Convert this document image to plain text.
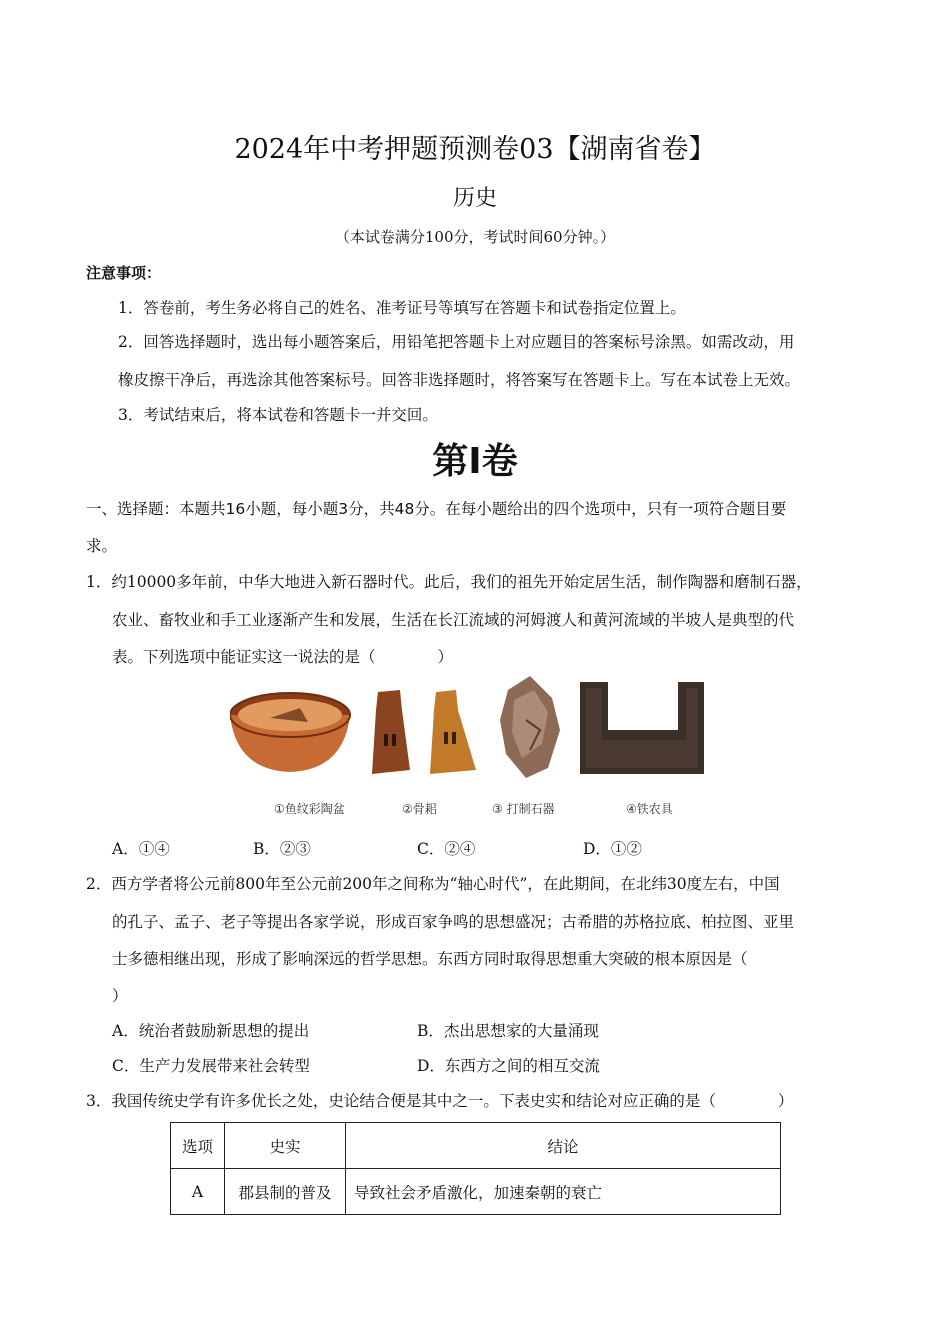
2024年中考押题预测卷03【湖南省卷】
历史
（本试卷满分100分，考试时间60分钟。）
注意事项：
1．答卷前，考生务必将自己的姓名、准考证号等填写在答题卡和试卷指定位置上。
2．回答选择题时，选出每小题答案后，用铅笔把答题卡上对应题目的答案标号涂黑。如需改动，用
橡皮擦干净后，再选涂其他答案标号。回答非选择题时，将答案写在答题卡上。写在本试卷上无效。
3．考试结束后，将本试卷和答题卡一并交回。
第Ⅰ卷
一、选择题：本题共16小题，每小题3分，共48分。在每小题给出的四个选项中，只有一项符合题目要
求。
1．约10000多年前，中华大地进入新石器时代。此后，我们的祖先开始定居生活，制作陶器和磨制石器，
农业、畜牧业和手工业逐渐产生和发展，生活在长江流域的河姆渡人和黄河流域的半坡人是典型的代
表。下列选项中能证实这一说法的是（　　　　）
①鱼纹彩陶盆	②骨耜	③ 打制石器	④铁农具
A．①④	B．②③	C．②④	D．①②
2．西方学者将公元前800年至公元前200年之间称为“轴心时代”，在此期间，在北纬30度左右，中国
的孔子、孟子、老子等提出各家学说，形成百家争鸣的思想盛况；古希腊的苏格拉底、柏拉图、亚里
士多德相继出现，形成了影响深远的哲学思想。东西方同时取得思想重大突破的根本原因是（
）
A．统治者鼓励新思想的提出	B．杰出思想家的大量涌现
C．生产力发展带来社会转型	D．东西方之间的相互交流
3．我国传统史学有许多优长之处，史论结合便是其中之一。下表史实和结论对应正确的是（　　　　）
选项	史实	结论
A	郡县制的普及	导致社会矛盾激化，加速秦朝的衰亡
